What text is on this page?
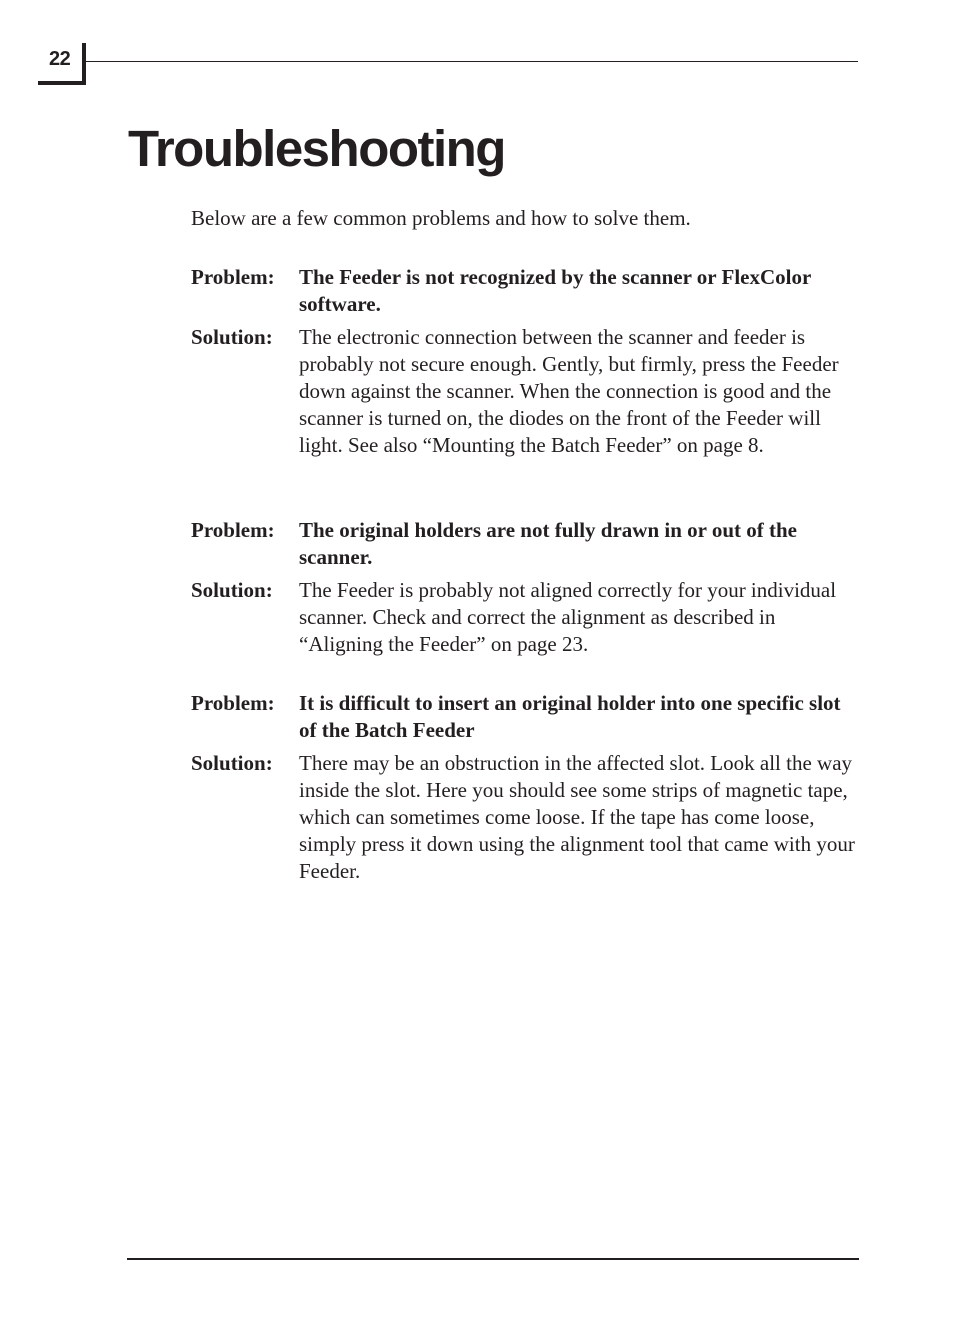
22
Troubleshooting

Below are a few common problems and how to solve them.

Problem:	The Feeder is not recognized by the scanner or FlexColor software.

Solution:	The electronic connection between the scanner and feeder is probably not secure enough. Gently, but firmly, press the Feeder down against the scanner. When the connection is good and the scanner is turned on, the diodes on the front of the Feeder will light. See also “Mounting the Batch Feeder” on page 8.

Problem:	The original holders are not fully drawn in or out of the scanner.

Solution:	The Feeder is probably not aligned correctly for your individual scanner. Check and correct the alignment as described in “Aligning the Feeder” on page 23.

Problem:	It is difficult to insert an original holder into one specific slot of the Batch Feeder

Solution:	There may be an obstruction in the affected slot. Look all the way inside the slot. Here you should see some strips of magnetic tape, which can sometimes come loose. If the tape has come loose, simply press it down using the alignment tool that came with your Feeder.
